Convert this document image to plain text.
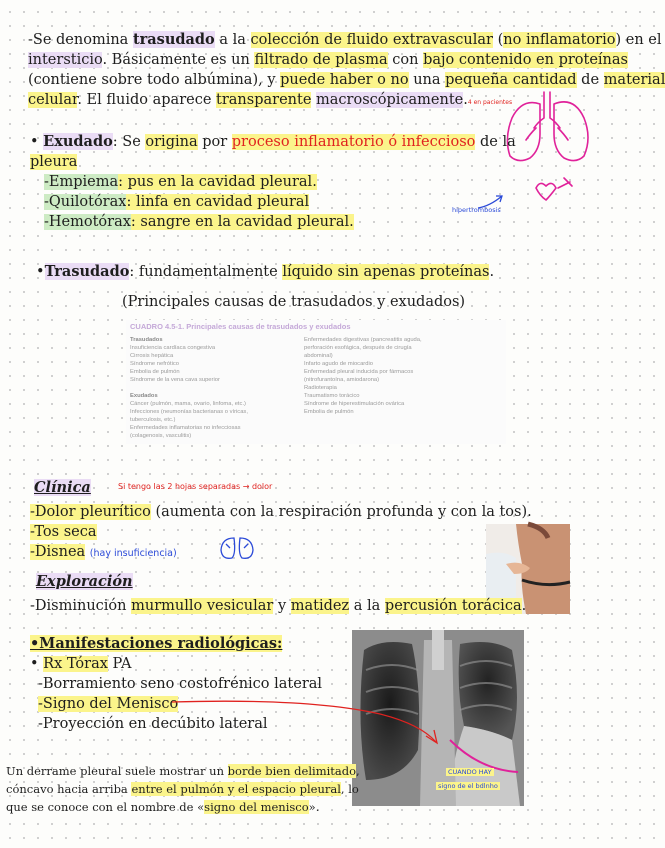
-Se denomina trasudado a la colección de fluido extravascular (no inflamatorio) en el
intersticio. Básicamente es un filtrado de plasma con bajo contenido en proteínas
(contiene sobre todo albúmina), y puede haber o no una pequeña cantidad de material
celular. El fluido aparece transparente macroscópicamente.4 en pacientes
• Exudado: Se origina por proceso inflamatorio ó infeccioso de la
pleura
-Empiema: pus en la cavidad pleural.
-Quilotórax: linfa en cavidad pleural
-Hemotórax: sangre en la cavidad pleural.
hipertrombosis
•Trasudado: fundamentalmente líquido sin apenas proteínas.
(Principales causas de trasudados y exudados)
CUADRO 4.5-1. Principales causas de trasudados y exudados
Trasudados
Insuficiencia cardíaca congestiva
Cirrosis hepática
Síndrome nefrótico
Embolia de pulmón
Síndrome de la vena cava superior
Exudados
Cáncer (pulmón, mama, ovario, linfoma, etc.)
Infecciones (neumonías bacterianas o víricas,
tuberculosis, etc.)
Enfermedades inflamatorias no infecciosas
(colagenosis, vasculitis)
Enfermedades digestivas (pancreatitis aguda,
perforación esofágica, después de cirugía
abdominal)
Infarto agudo de miocardio
Enfermedad pleural inducida por fármacos
(nitrofurantoína, amiodarona)
Radioterapia
Traumatismo torácico
Síndrome de hiperestimulación ovárica
Embolia de pulmón
Clínica	Si tengo las 2 hojas separadas → dolor
-Dolor pleurítico (aumenta con la respiración profunda y con la tos).
-Tos seca
-Disnea (hay insuficiencia)
Exploración
-Disminución murmullo vesicular y matidez a la percusión torácica.
•Manifestaciones radiológicas:
• Rx Tórax PA
-Borramiento seno costofrénico lateral
-Signo del Menisco
-Proyección en decúbito lateral
CUANDO HAY
signo de el bdlnho
Un derrame pleural suele mostrar un borde bien delimitado,
cóncavo hacia arriba entre el pulmón y el espacio pleural, lo
que se conoce con el nombre de «signo del menisco».
